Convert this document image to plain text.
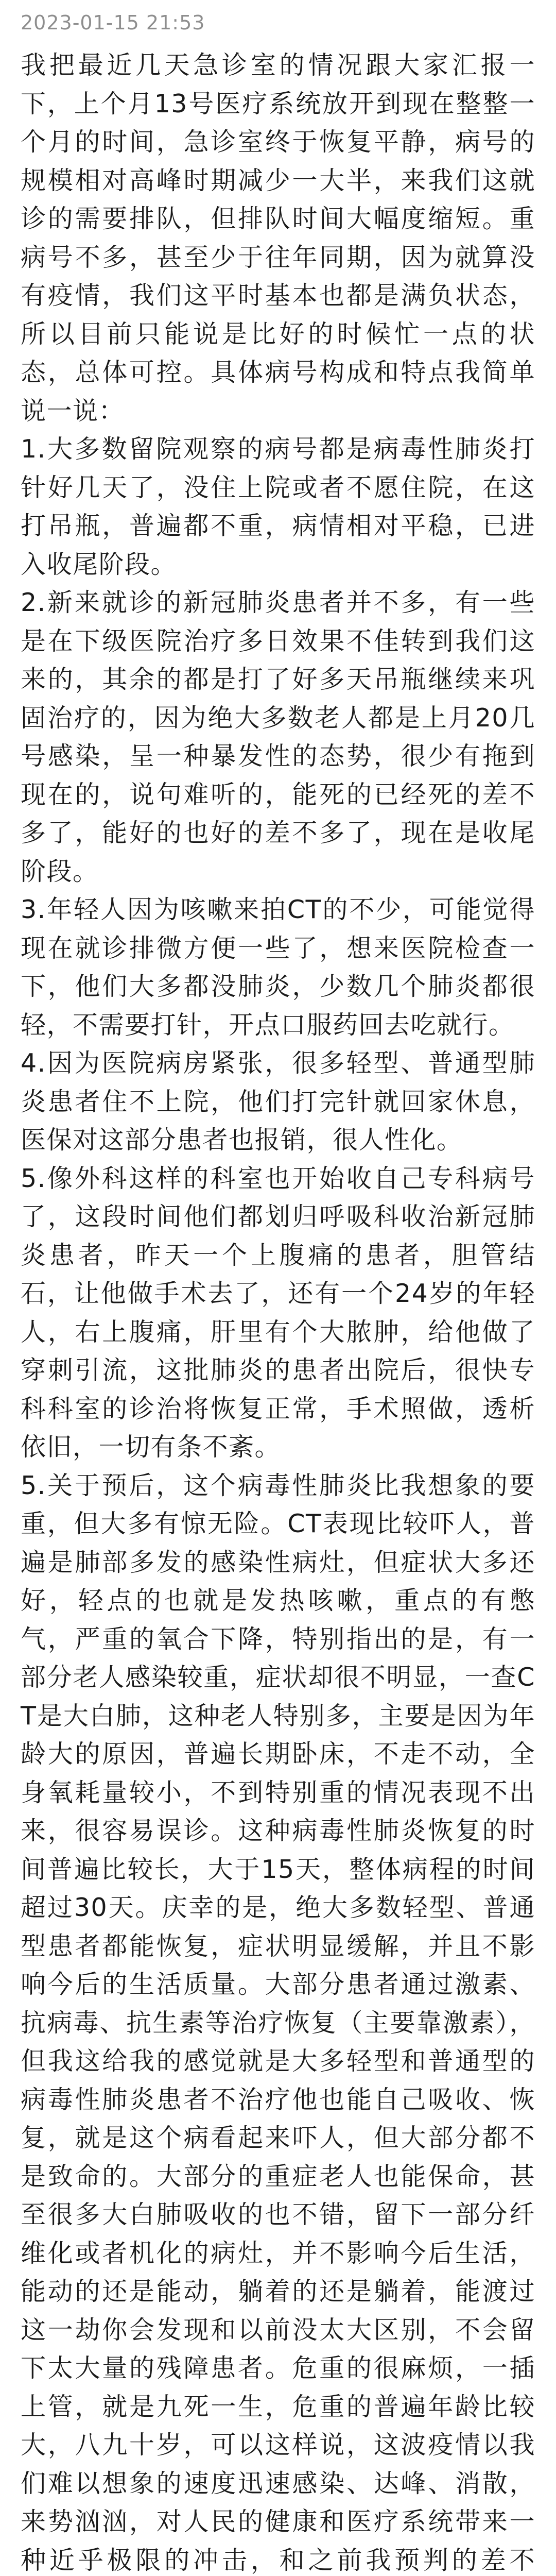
2023-01-15 21:53

我把最近几天急诊室的情况跟大家汇报一下，上个月13号医疗系统放开到现在整整一个月的时间，急诊室终于恢复平静，病号的规模相对高峰时期减少一大半，来我们这就诊的需要排队，但排队时间大幅度缩短。重病号不多，甚至少于往年同期，因为就算没有疫情，我们这平时基本也都是满负状态，所以目前只能说是比好的时候忙一点的状态，总体可控。具体病号构成和特点我简单说一说：

1.大多数留院观察的病号都是病毒性肺炎打针好几天了，没住上院或者不愿住院，在这打吊瓶，普遍都不重，病情相对平稳，已进入收尾阶段。

2.新来就诊的新冠肺炎患者并不多，有一些是在下级医院治疗多日效果不佳转到我们这来的，其余的都是打了好多天吊瓶继续来巩固治疗的，因为绝大多数老人都是上月20几号感染，呈一种暴发性的态势，很少有拖到现在的，说句难听的，能死的已经死的差不多了，能好的也好的差不多了，现在是收尾阶段。

3.年轻人因为咳嗽来拍CT的不少，可能觉得现在就诊排微方便一些了，想来医院检查一下，他们大多都没肺炎，少数几个肺炎都很轻，不需要打针，开点口服药回去吃就行。

4.因为医院病房紧张，很多轻型、普通型肺炎患者住不上院，他们打完针就回家休息，医保对这部分患者也报销，很人性化。

5.像外科这样的科室也开始收自己专科病号了，这段时间他们都划归呼吸科收治新冠肺炎患者，昨天一个上腹痛的患者，胆管结石，让他做手术去了，还有一个24岁的年轻人，右上腹痛，肝里有个大脓肿，给他做了穿刺引流，这批肺炎的患者出院后，很快专科科室的诊治将恢复正常，手术照做，透析依旧，一切有条不紊。

5.关于预后，这个病毒性肺炎比我想象的要重，但大多有惊无险。CT表现比较吓人，普遍是肺部多发的感染性病灶，但症状大多还好，轻点的也就是发热咳嗽，重点的有憋气，严重的氧合下降，特别指出的是，有一部分老人感染较重，症状却很不明显，一查CT是大白肺，这种老人特别多，主要是因为年龄大的原因，普遍长期卧床，不走不动，全身氧耗量较小，不到特别重的情况表现不出来，很容易误诊。这种病毒性肺炎恢复的时间普遍比较长，大于15天，整体病程的时间超过30天。庆幸的是，绝大多数轻型、普通型患者都能恢复，症状明显缓解，并且不影响今后的生活质量。大部分患者通过激素、抗病毒、抗生素等治疗恢复（主要靠激素），但我这给我的感觉就是大多轻型和普通型的病毒性肺炎患者不治疗他也能自己吸收、恢复，就是这个病看起来吓人，但大部分都不是致命的。大部分的重症老人也能保命，甚至很多大白肺吸收的也不错，留下一部分纤维化或者机化的病灶，并不影响今后生活，能动的还是能动，躺着的还是躺着，能渡过这一劫你会发现和以前没太大区别，不会留下太大量的残障患者。危重的很麻烦，一插上管，就是九死一生，危重的普遍年龄比较大，八九十岁，可以这样说，这波疫情以我们难以想象的速度迅速感染、达峰、消散，来势汹汹，对人民的健康和医疗系统带来一种近乎极限的冲击，和之前我预判的差不
